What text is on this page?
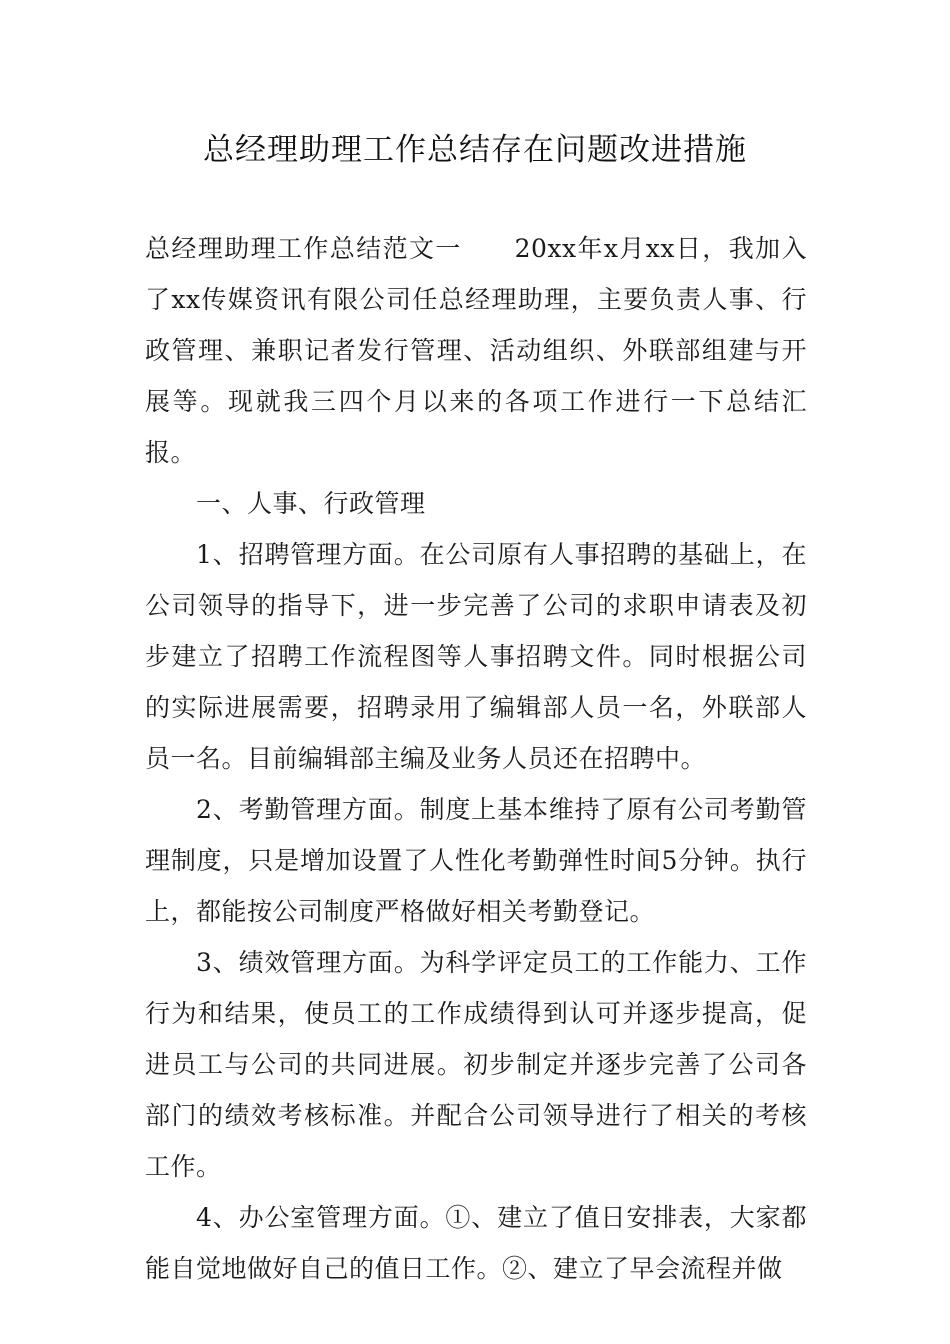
总经理助理工作总结存在问题改进措施

总经理助理工作总结范文一　　20xx年x月xx日，我加入了xx传媒资讯有限公司任总经理助理，主要负责人事、行政管理、兼职记者发行管理、活动组织、外联部组建与开展等。现就我三四个月以来的各项工作进行一下总结汇报。

一、人事、行政管理

1、招聘管理方面。在公司原有人事招聘的基础上，在公司领导的指导下，进一步完善了公司的求职申请表及初步建立了招聘工作流程图等人事招聘文件。同时根据公司的实际进展需要，招聘录用了编辑部人员一名，外联部人员一名。目前编辑部主编及业务人员还在招聘中。

2、考勤管理方面。制度上基本维持了原有公司考勤管理制度，只是增加设置了人性化考勤弹性时间5分钟。执行上，都能按公司制度严格做好相关考勤登记。

3、绩效管理方面。为科学评定员工的工作能力、工作行为和结果，使员工的工作成绩得到认可并逐步提高，促进员工与公司的共同进展。初步制定并逐步完善了公司各部门的绩效考核标准。并配合公司领导进行了相关的考核工作。

4、办公室管理方面。①、建立了值日安排表，大家都能自觉地做好自己的值日工作。②、建立了早会流程并做
